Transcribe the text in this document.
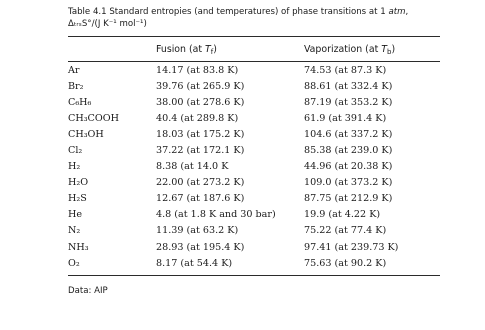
Table 4.1 Standard entropies (and temperatures) of phase transitions at 1 atm,

ΔₜᵣₛS°/(J K⁻¹ mol⁻¹)

	Fusion (at $T_f$)	Vaporization (at $T_b$)
Ar	14.17 (at 83.8 K)	74.53 (at 87.3 K)
Br₂	39.76 (at 265.9 K)	88.61 (at 332.4 K)
C₆H₆	38.00 (at 278.6 K)	87.19 (at 353.2 K)
CH₃COOH	40.4 (at 289.8 K)	61.9 (at 391.4 K)
CH₃OH	18.03 (at 175.2 K)	104.6 (at 337.2 K)
Cl₂	37.22 (at 172.1 K)	85.38 (at 239.0 K)
H₂	8.38 (at 14.0 K	44.96 (at 20.38 K)
H₂O	22.00 (at 273.2 K)	109.0 (at 373.2 K)
H₂S	12.67 (at 187.6 K)	87.75 (at 212.9 K)
He	4.8 (at 1.8 K and 30 bar)	19.9 (at 4.22 K)
N₂	11.39 (at 63.2 K)	75.22 (at 77.4 K)
NH₃	28.93 (at 195.4 K)	97.41 (at 239.73 K)
O₂	8.17 (at 54.4 K)	75.63 (at 90.2 K)
Data: AIP
